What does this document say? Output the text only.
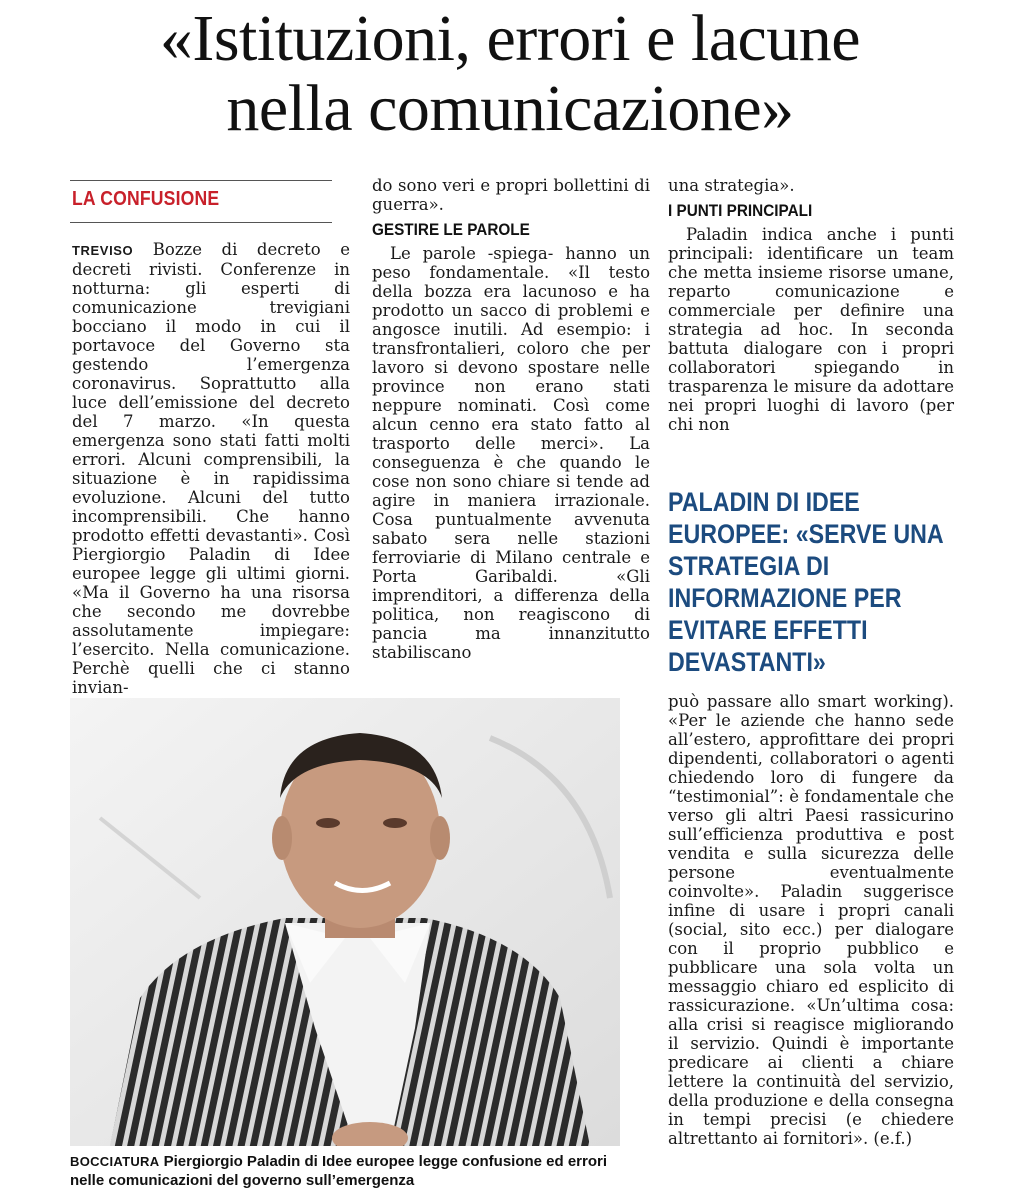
«Istituzioni, errori e lacune
nella comunicazione»
LA CONFUSIONE

TREVISO Bozze di decreto e decreti rivisti. Conferenze in notturna: gli esperti di comunicazione trevigiani bocciano il modo in cui il portavoce del Governo sta gestendo l’emergenza coronavirus. Soprattutto alla luce dell’emissione del decreto del 7 marzo. «In questa emergenza sono stati fatti molti errori. Alcuni comprensibili, la situazione è in rapidissima evoluzione. Alcuni del tutto incomprensibili. Che hanno prodotto effetti devastanti». Così Piergiorgio Paladin di Idee europee legge gli ultimi giorni. «Ma il Governo ha una risorsa che secondo me dovrebbe assolutamente impiegare: l’esercito. Nella comunicazione. Perchè quelli che ci stanno invian-

do sono veri e propri bollettini di guerra».

GESTIRE LE PAROLE

Le parole -spiega- hanno un peso fondamentale. «Il testo della bozza era lacunoso e ha prodotto un sacco di problemi e angosce inutili. Ad esempio: i transfrontalieri, coloro che per lavoro si devono spostare nelle province non erano stati neppure nominati. Così come alcun cenno era stato fatto al trasporto delle merci». La conseguenza è che quando le cose non sono chiare si tende ad agire in maniera irrazionale. Cosa puntualmente avvenuta sabato sera nelle stazioni ferroviarie di Milano centrale e Porta Garibaldi. «Gli imprenditori, a differenza della politica, non reagiscono di pancia ma innanzitutto stabiliscano

una strategia».

I PUNTI PRINCIPALI

Paladin indica anche i punti principali: identificare un team che metta insieme risorse umane, reparto comunicazione e commerciale per definire una strategia ad hoc. In seconda battuta dialogare con i propri collaboratori spiegando in trasparenza le misure da adottare nei propri luoghi di lavoro (per chi non

PALADIN DI IDEE EUROPEE: «SERVE UNA STRATEGIA DI INFORMAZIONE PER EVITARE EFFETTI DEVASTANTI»

può passare allo smart working). «Per le aziende che hanno sede all’estero, approfittare dei propri dipendenti, collaboratori o agenti chiedendo loro di fungere da “testimonial”: è fondamentale che verso gli altri Paesi rassicurino sull’efficienza produttiva e post vendita e sulla sicurezza delle persone eventualmente coinvolte». Paladin suggerisce infine di usare i propri canali (social, sito ecc.) per dialogare con il proprio pubblico e pubblicare una sola volta un messaggio chiaro ed esplicito di rassicurazione. «Un’ultima cosa: alla crisi si reagisce migliorando il servizio. Quindi è importante predicare ai clienti a chiare lettere la continuità del servizio, della produzione e della consegna in tempi precisi (e chiedere altrettanto ai fornitori». (e.f.)

BOCCIATURA Piergiorgio Paladin di Idee europee legge confusione ed errori nelle comunicazioni del governo sull’emergenza
